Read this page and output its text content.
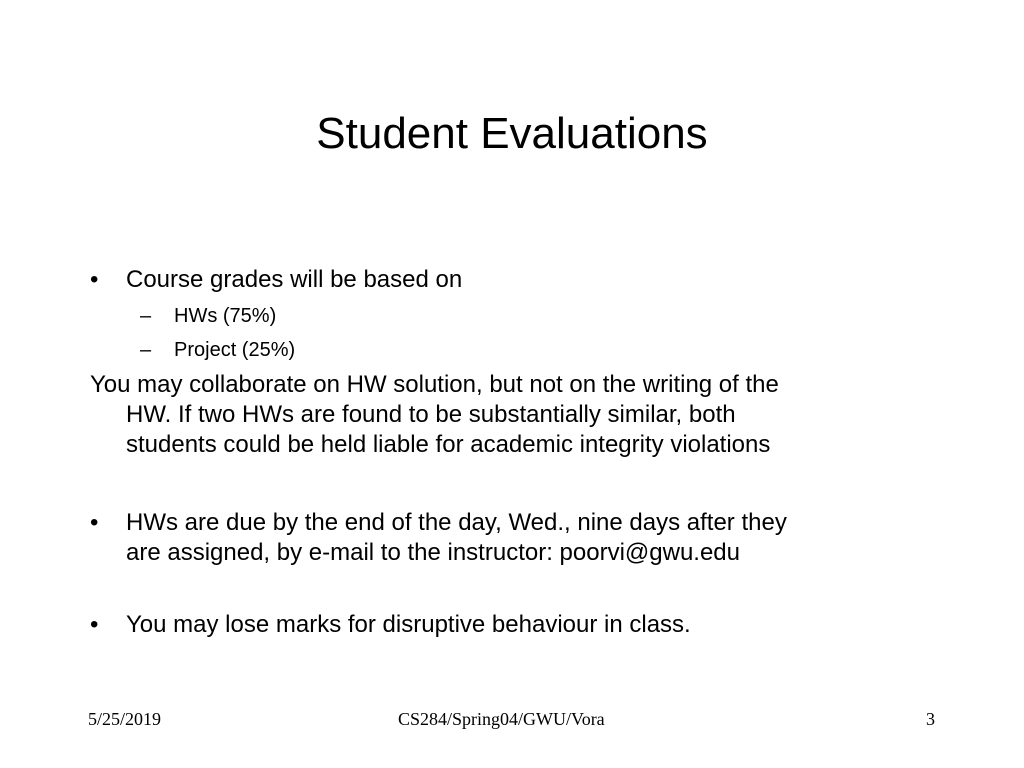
Student Evaluations
• Course grades will be based on
– HWs (75%)
– Project (25%)
You may collaborate on HW solution, but not on the writing of the
HW. If two HWs are found to be substantially similar, both
students could be held liable for academic integrity violations
• HWs are due by the end of the day, Wed., nine days after they
are assigned, by e-mail to the instructor: poorvi@gwu.edu
• You may lose marks for disruptive behaviour in class.
5/25/2019	CS284/Spring04/GWU/Vora	3
